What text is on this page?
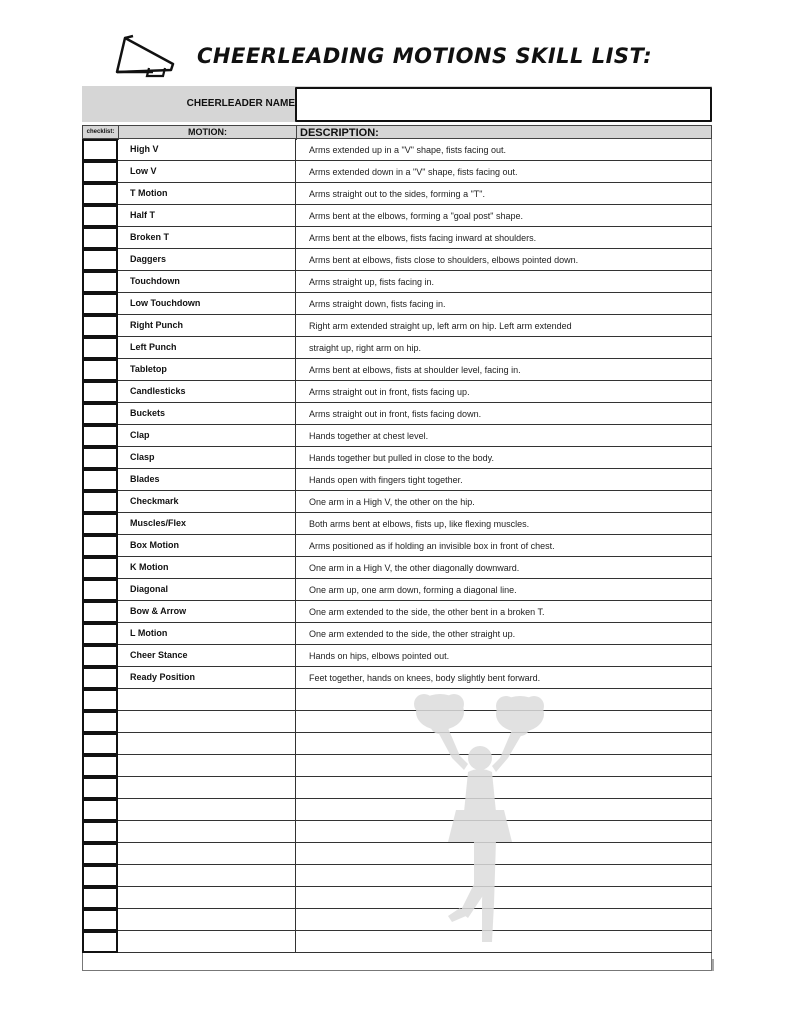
CHEERLEADING MOTIONS SKILL LIST:
CHEERLEADER NAME
checklist:	MOTION:	DESCRIPTION:
High V	Arms extended up in a "V" shape, fists facing out.
Low V	Arms extended down in a "V" shape, fists facing out.
T Motion	Arms straight out to the sides, forming a "T".
Half T	Arms bent at the elbows, forming a "goal post" shape.
Broken T	Arms bent at the elbows, fists facing inward at shoulders.
Daggers	Arms bent at elbows, fists close to shoulders, elbows pointed down.
Touchdown	Arms straight up, fists facing in.
Low Touchdown	Arms straight down, fists facing in.
Right Punch	Right arm extended straight up, left arm on hip. Left arm extended
Left Punch	straight up, right arm on hip.
Tabletop	Arms bent at elbows, fists at shoulder level, facing in.
Candlesticks	Arms straight out in front, fists facing up.
Buckets	Arms straight out in front, fists facing down.
Clap	Hands together at chest level.
Clasp	Hands together but pulled in close to the body.
Blades	Hands open with fingers tight together.
Checkmark	One arm in a High V, the other on the hip.
Muscles/Flex	Both arms bent at elbows, fists up, like flexing muscles.
Box Motion	Arms positioned as if holding an invisible box in front of chest.
K Motion	One arm in a High V, the other diagonally downward.
Diagonal	One arm up, one arm down, forming a diagonal line.
Bow & Arrow	One arm extended to the side, the other bent in a broken T.
L Motion	One arm extended to the side, the other straight up.
Cheer Stance	Hands on hips, elbows pointed out.
Ready Position	Feet together, hands on knees, body slightly bent forward.
